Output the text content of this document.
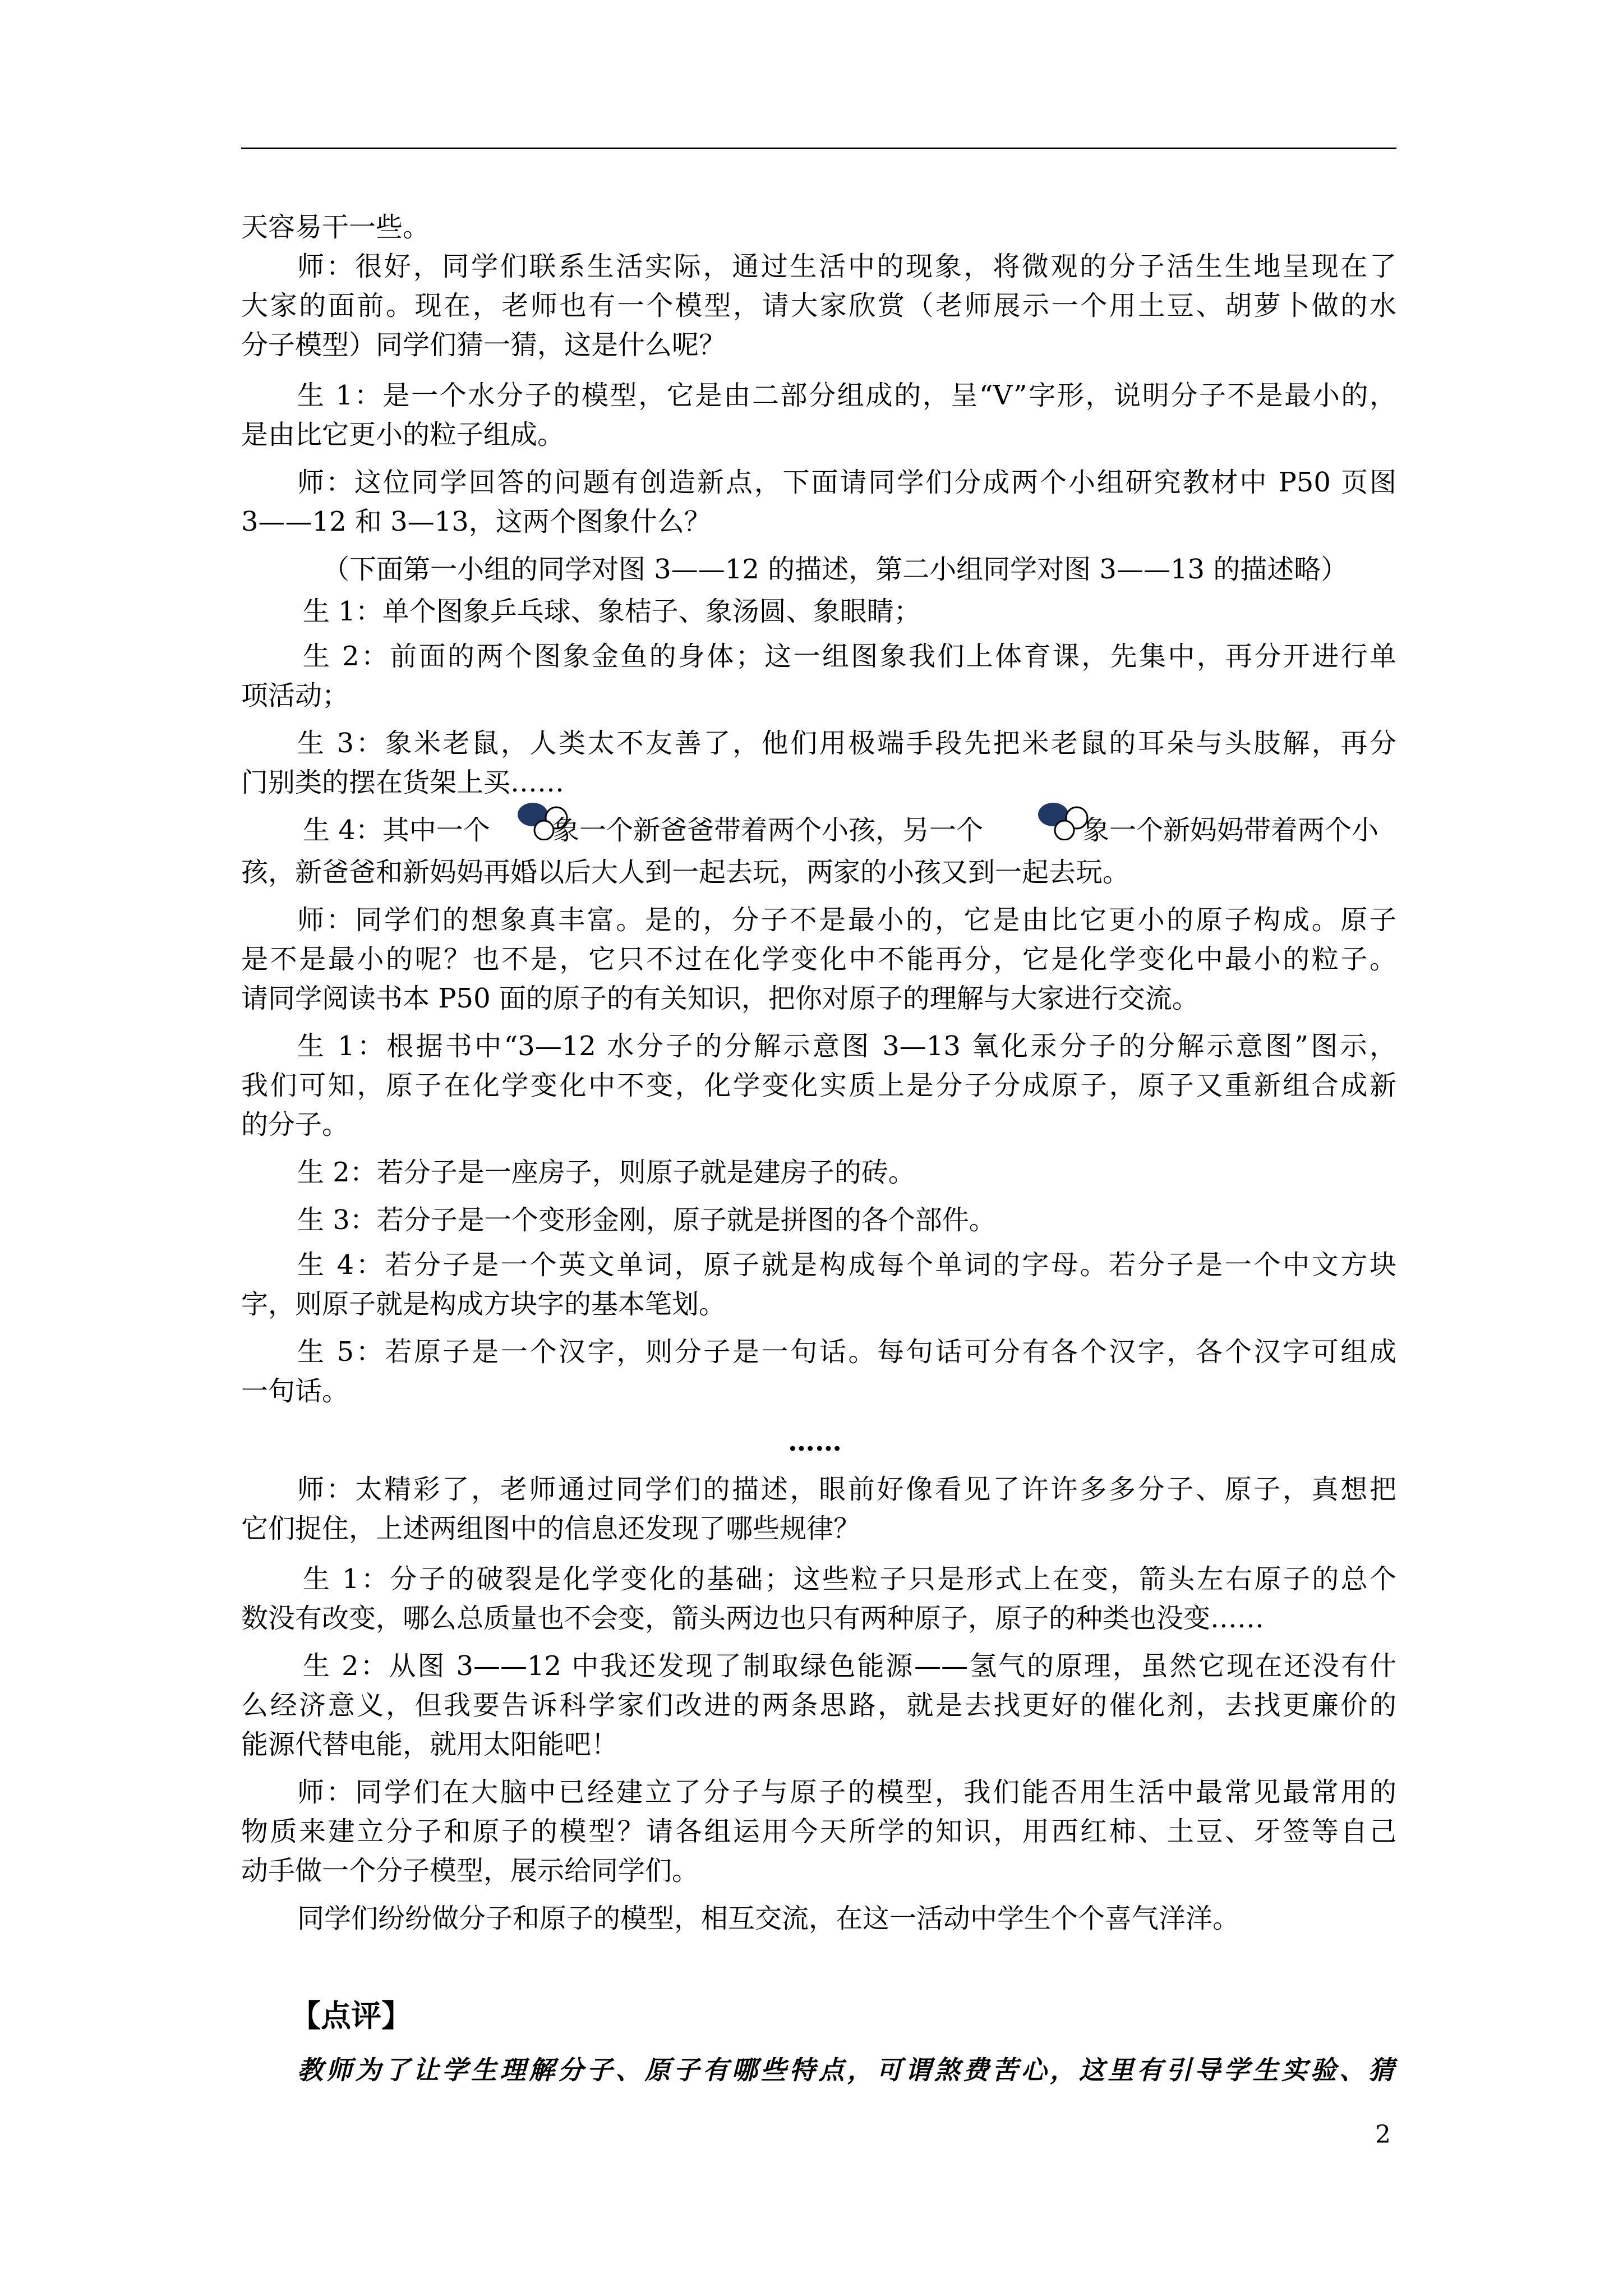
天容易干一些。
师：很好，同学们联系生活实际，通过生活中的现象，将微观的分子活生生地呈现在了
大家的面前。现在，老师也有一个模型，请大家欣赏（老师展示一个用土豆、胡萝卜做的水
分子模型）同学们猜一猜，这是什么呢？
生 1：是一个水分子的模型，它是由二部分组成的，呈“V”字形，说明分子不是最小的，
是由比它更小的粒子组成。
师：这位同学回答的问题有创造新点，下面请同学们分成两个小组研究教材中 P50 页图
3——12 和 3—13，这两个图象什么？
（下面第一小组的同学对图 3——12 的描述，第二小组同学对图 3——13 的描述略）
生 1：单个图象乒乓球、象桔子、象汤圆、象眼睛；
生 2：前面的两个图象金鱼的身体；这一组图象我们上体育课，先集中，再分开进行单
项活动；
生 3：象米老鼠，人类太不友善了，他们用极端手段先把米老鼠的耳朵与头肢解，再分
门别类的摆在货架上买……
生 4：其中一个 象一个新爸爸带着两个小孩，另一个	象一个新妈妈带着两个小
孩，新爸爸和新妈妈再婚以后大人到一起去玩，两家的小孩又到一起去玩。
师：同学们的想象真丰富。是的，分子不是最小的，它是由比它更小的原子构成。原子
是不是最小的呢？也不是，它只不过在化学变化中不能再分，它是化学变化中最小的粒子。
请同学阅读书本 P50 面的原子的有关知识，把你对原子的理解与大家进行交流。
生 1：根据书中“3—12 水分子的分解示意图 3—13 氧化汞分子的分解示意图”图示，
我们可知，原子在化学变化中不变，化学变化实质上是分子分成原子，原子又重新组合成新
的分子。
生 2：若分子是一座房子，则原子就是建房子的砖。
生 3：若分子是一个变形金刚，原子就是拼图的各个部件。
生 4：若分子是一个英文单词，原子就是构成每个单词的字母。若分子是一个中文方块
字，则原子就是构成方块字的基本笔划。
生 5：若原子是一个汉字，则分子是一句话。每句话可分有各个汉字，各个汉字可组成
一句话。
……
师：太精彩了，老师通过同学们的描述，眼前好像看见了许许多多分子、原子，真想把
它们捉住，上述两组图中的信息还发现了哪些规律？
生 1：分子的破裂是化学变化的基础；这些粒子只是形式上在变，箭头左右原子的总个
数没有改变，哪么总质量也不会变，箭头两边也只有两种原子，原子的种类也没变……
生 2：从图 3——12 中我还发现了制取绿色能源——氢气的原理，虽然它现在还没有什
么经济意义，但我要告诉科学家们改进的两条思路，就是去找更好的催化剂，去找更廉价的
能源代替电能，就用太阳能吧！
师：同学们在大脑中已经建立了分子与原子的模型，我们能否用生活中最常见最常用的
物质来建立分子和原子的模型？请各组运用今天所学的知识，用西红柿、土豆、牙签等自己
动手做一个分子模型，展示给同学们。
同学们纷纷做分子和原子的模型，相互交流，在这一活动中学生个个喜气洋洋。
【点评】
教师为了让学生理解分子、原子有哪些特点，可谓煞费苦心，这里有引导学生实验、猜
2
